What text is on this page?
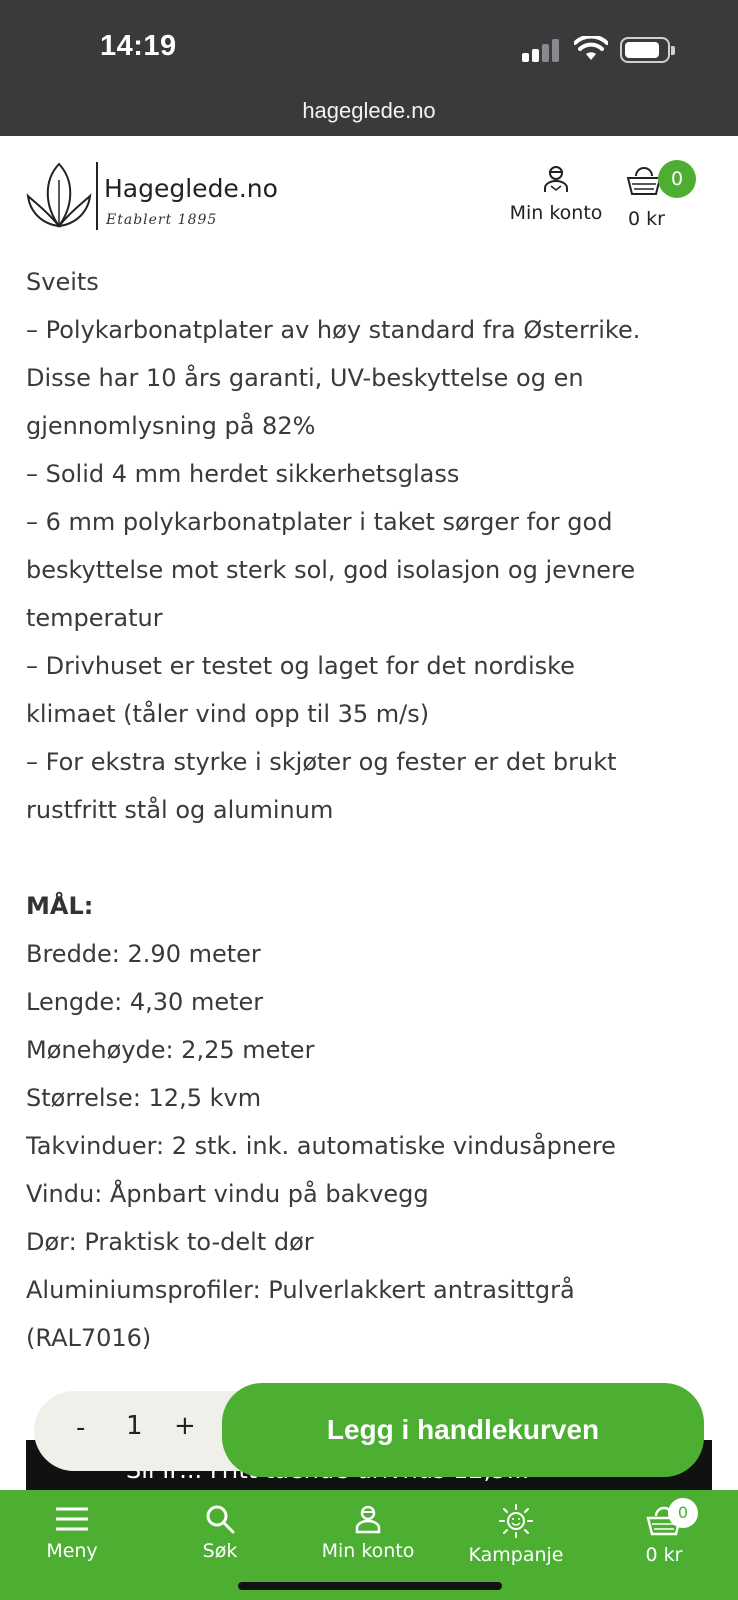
14:19
hageglede.no
Hageglede.no
Etablert 1895	Min konto
0
0 kr
Sveits
– Polykarbonatplater av høy standard fra Østerrike.
Disse har 10 års garanti, UV-beskyttelse og en
gjennomlysning på 82%
– Solid 4 mm herdet sikkerhetsglass
– 6 mm polykarbonatplater i taket sørger for god
beskyttelse mot sterk sol, god isolasjon og jevnere
temperatur
– Drivhuset er testet og laget for det nordiske
klimaet (tåler vind opp til 35 m/s)
– For ekstra styrke i skjøter og fester er det brukt
rustfritt stål og aluminum
MÅL:
Bredde: 2.90 meter
Lengde: 4,30 meter
Mønehøyde: 2,25 meter
Størrelse: 12,5 kvm
Takvinduer: 2 stk. ink. automatiske vindusåpnere
Vindu: Åpnbart vindu på bakvegg
Dør: Praktisk to-delt dør
Aluminiumsprofiler: Pulverlakkert antrasittgrå
(RAL7016)
- 1 +	Legg i handlekurven
Meny	Søk	Min konto	Kampanje
0
0 kr
